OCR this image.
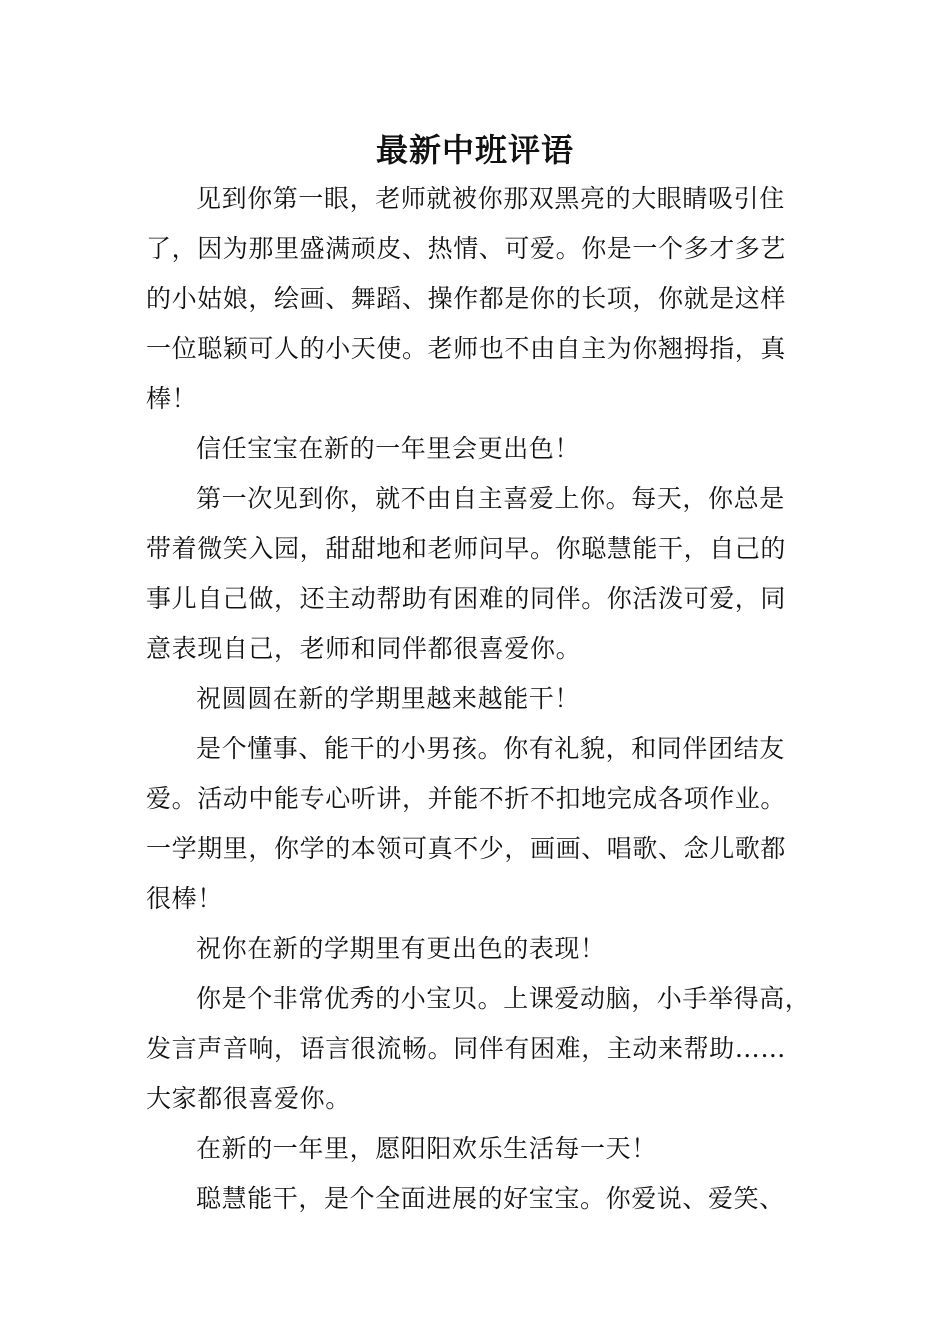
最新中班评语
见到你第一眼，老师就被你那双黑亮的大眼睛吸引住
了，因为那里盛满顽皮、热情、可爱。你是一个多才多艺
的小姑娘，绘画、舞蹈、操作都是你的长项，你就是这样
一位聪颖可人的小天使。老师也不由自主为你翘拇指，真
棒！
信任宝宝在新的一年里会更出色！
第一次见到你，就不由自主喜爱上你。每天，你总是
带着微笑入园，甜甜地和老师问早。你聪慧能干，自己的
事儿自己做，还主动帮助有困难的同伴。你活泼可爱，同
意表现自己，老师和同伴都很喜爱你。
祝圆圆在新的学期里越来越能干！
是个懂事、能干的小男孩。你有礼貌，和同伴团结友
爱。活动中能专心听讲，并能不折不扣地完成各项作业。
一学期里，你学的本领可真不少，画画、唱歌、念儿歌都
很棒！
祝你在新的学期里有更出色的表现！
你是个非常优秀的小宝贝。上课爱动脑，小手举得高，
发言声音响，语言很流畅。同伴有困难，主动来帮助……
大家都很喜爱你。
在新的一年里，愿阳阳欢乐生活每一天！
聪慧能干，是个全面进展的好宝宝。你爱说、爱笑、
